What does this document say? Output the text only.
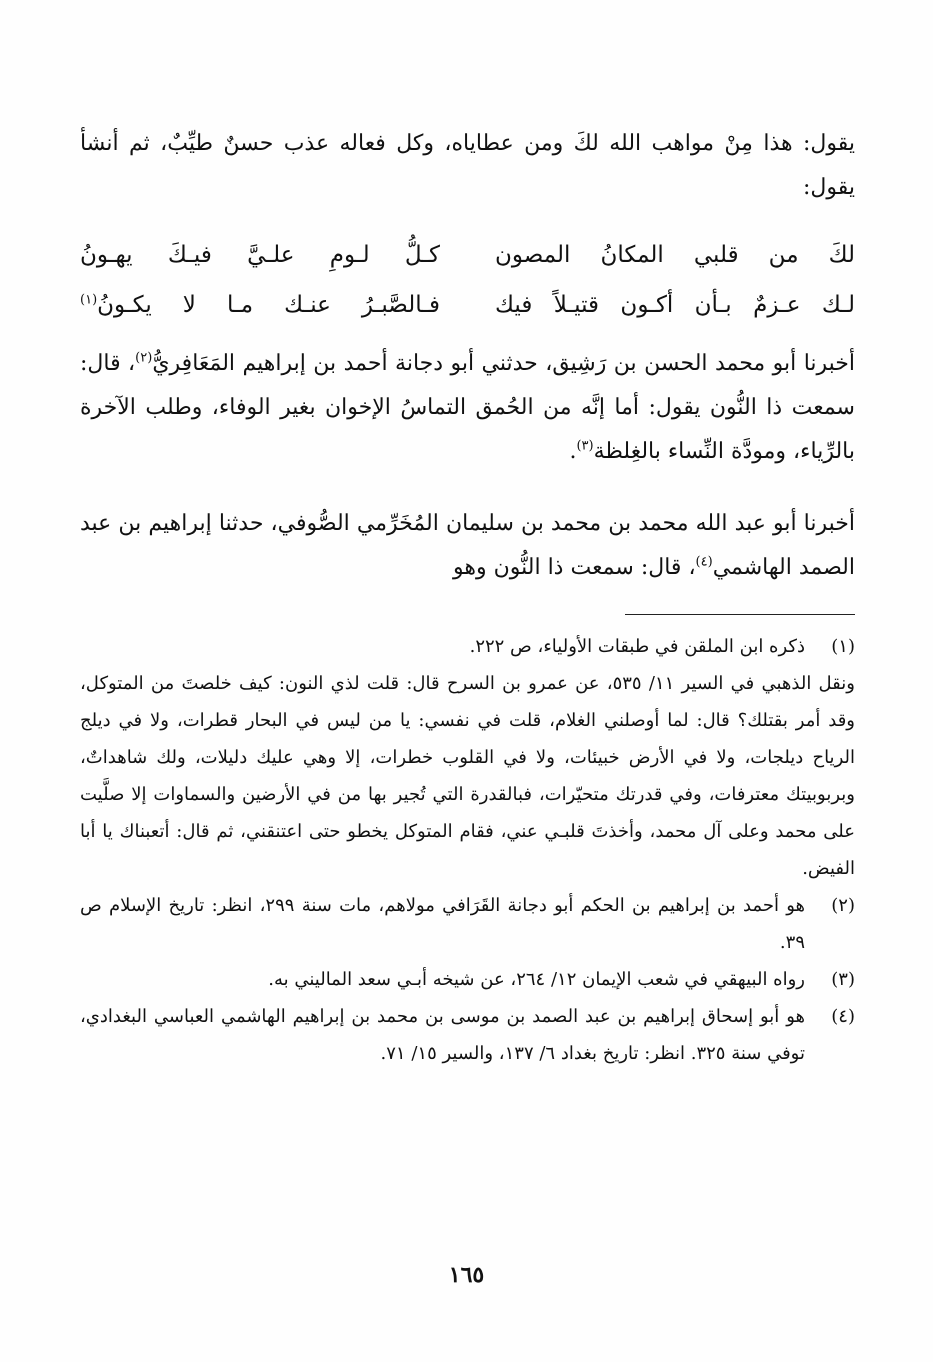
يقول: هذا مِنْ مواهب الله لكَ ومن عطاياه، وكل فعاله عذب حسنٌ طيِّبٌ، ثم أنشأ يقول:
لكَ من قلبي المكانُ المصون
كـلُّ لـومِ علـيَّ فيـكَ يهـونُ
لـك عـزمٌ بـأن أكـون قتيـلاً فيك
فـالصَّبـرُ عنـك مـا لا يكـونُ$^{(١)}$
أخبرنا أبو محمد الحسن بن رَشِيق، حدثني أبو دجانة أحمد بن إبراهيم المَعَافِريُّ$^{(٢)}$، قال: سمعت ذا النُّون يقول: أما إنَّه من الحُمق التماسُ الإخوان بغير الوفاء، وطلب الآخرة بالرِّياء، ومودَّة النِّساء بالغِلظة$^{(٣)}$.
أخبرنا أبو عبد الله محمد بن محمد بن سليمان المُخَرِّمي الصُّوفي، حدثنا إبراهيم بن عبد الصمد الهاشمي$^{(٤)}$، قال: سمعت ذا النُّون وهو
(١)
ذكره ابن الملقن في طبقات الأولياء، ص ٢٢٢.
ونقل الذهبي في السير ١١/ ٥٣٥، عن عمرو بن السرح قال: قلت لذي النون: كيف خلصتَ من المتوكل، وقد أمر بقتلك؟ قال: لما أوصلني الغلام، قلت في نفسي: يا من ليس في البحار قطرات، ولا في ديلج الرياح ديلجات، ولا في الأرض خبيئات، ولا في القلوب خطرات، إلا وهي عليك دليلات، ولك شاهداتٌ، وبربوبيتك معترفات، وفي قدرتك متحيّرات، فبالقدرة التي تُجير بها من في الأرضين والسماوات إلا صلَّيت على محمد وعلى آل محمد، وأخذتَ قلبـي عني، فقام المتوكل يخطو حتى اعتنقني، ثم قال: أتعبناك يا أبا الفيض.
(٢)
هو أحمد بن إبراهيم بن الحكم أبو دجانة القَرَافي مولاهم، مات سنة ٢٩٩، انظر: تاريخ الإسلام ص ٣٩.
(٣)
رواه البيهقي في شعب الإيمان ١٢/ ٢٦٤، عن شيخه أبـي سعد الماليني به.
(٤)
هو أبو إسحاق إبراهيم بن عبد الصمد بن موسى بن محمد بن إبراهيم الهاشمي العباسي البغدادي، توفي سنة ٣٢٥. انظر: تاريخ بغداد ٦/ ١٣٧، والسير ١٥/ ٧١.
١٦٥
